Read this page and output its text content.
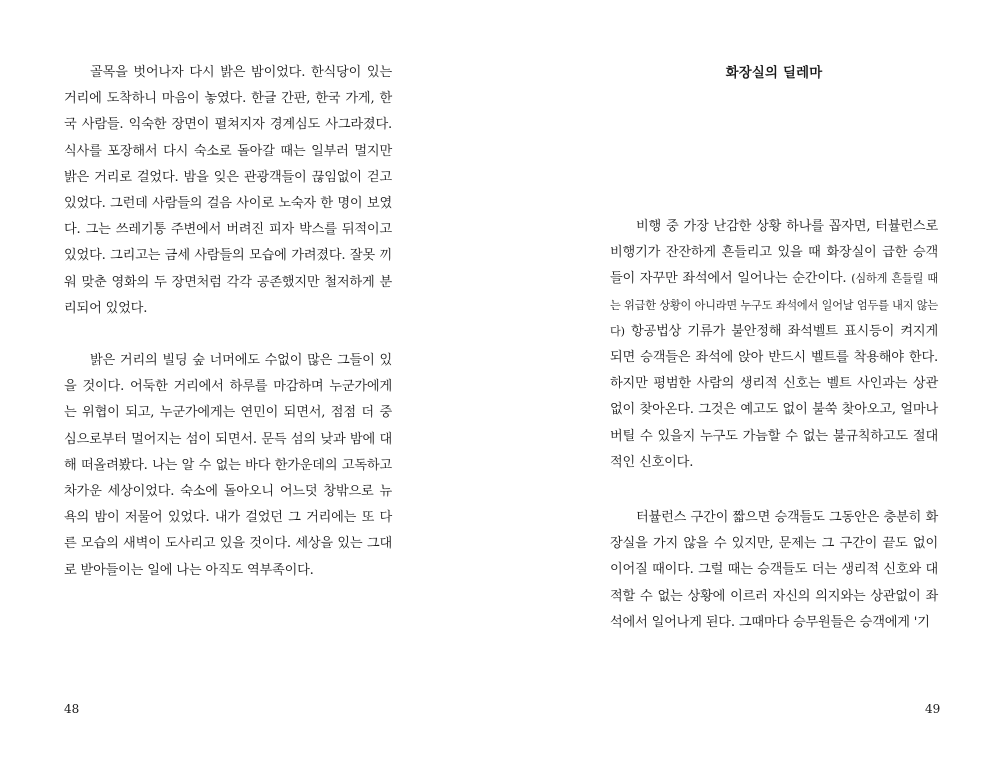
골목을 벗어나자 다시 밝은 밤이었다. 한식당이 있는 거리에 도착하니 마음이 놓였다. 한글 간판, 한국 가게, 한국 사람들. 익숙한 장면이 펼쳐지자 경계심도 사그라졌다. 식사를 포장해서 다시 숙소로 돌아갈 때는 일부러 멀지만 밝은 거리로 걸었다. 밤을 잊은 관광객들이 끊임없이 걷고 있었다. 그런데 사람들의 걸음 사이로 노숙자 한 명이 보였다. 그는 쓰레기통 주변에서 버려진 피자 박스를 뒤적이고 있었다. 그리고는 금세 사람들의 모습에 가려졌다. 잘못 끼워 맞춘 영화의 두 장면처럼 각각 공존했지만 철저하게 분리되어 있었다.

밝은 거리의 빌딩 숲 너머에도 수없이 많은 그들이 있을 것이다. 어둑한 거리에서 하루를 마감하며 누군가에게는 위협이 되고, 누군가에게는 연민이 되면서, 점점 더 중심으로부터 멀어지는 섬이 되면서. 문득 섬의 낮과 밤에 대해 떠올려봤다. 나는 알 수 없는 바다 한가운데의 고독하고 차가운 세상이었다. 숙소에 돌아오니 어느덧 창밖으로 뉴욕의 밤이 저물어 있었다. 내가 걸었던 그 거리에는 또 다른 모습의 새벽이 도사리고 있을 것이다. 세상을 있는 그대로 받아들이는 일에 나는 아직도 역부족이다.

48
화장실의 딜레마

비행 중 가장 난감한 상황 하나를 꼽자면, 터뷸런스로 비행기가 잔잔하게 흔들리고 있을 때 화장실이 급한 승객들이 자꾸만 좌석에서 일어나는 순간이다. (심하게 흔들릴 때는 위급한 상황이 아니라면 누구도 좌석에서 일어날 엄두를 내지 않는다) 항공법상 기류가 불안정해 좌석벨트 표시등이 켜지게 되면 승객들은 좌석에 앉아 반드시 벨트를 착용해야 한다. 하지만 평범한 사람의 생리적 신호는 벨트 사인과는 상관없이 찾아온다. 그것은 예고도 없이 불쑥 찾아오고, 얼마나 버틸 수 있을지 누구도 가늠할 수 없는 불규칙하고도 절대적인 신호이다.

터뷸런스 구간이 짧으면 승객들도 그동안은 충분히 화장실을 가지 않을 수 있지만, 문제는 그 구간이 끝도 없이 이어질 때이다. 그럴 때는 승객들도 더는 생리적 신호와 대적할 수 없는 상황에 이르러 자신의 의지와는 상관없이 좌석에서 일어나게 된다. 그때마다 승무원들은 승객에게 '기

49
